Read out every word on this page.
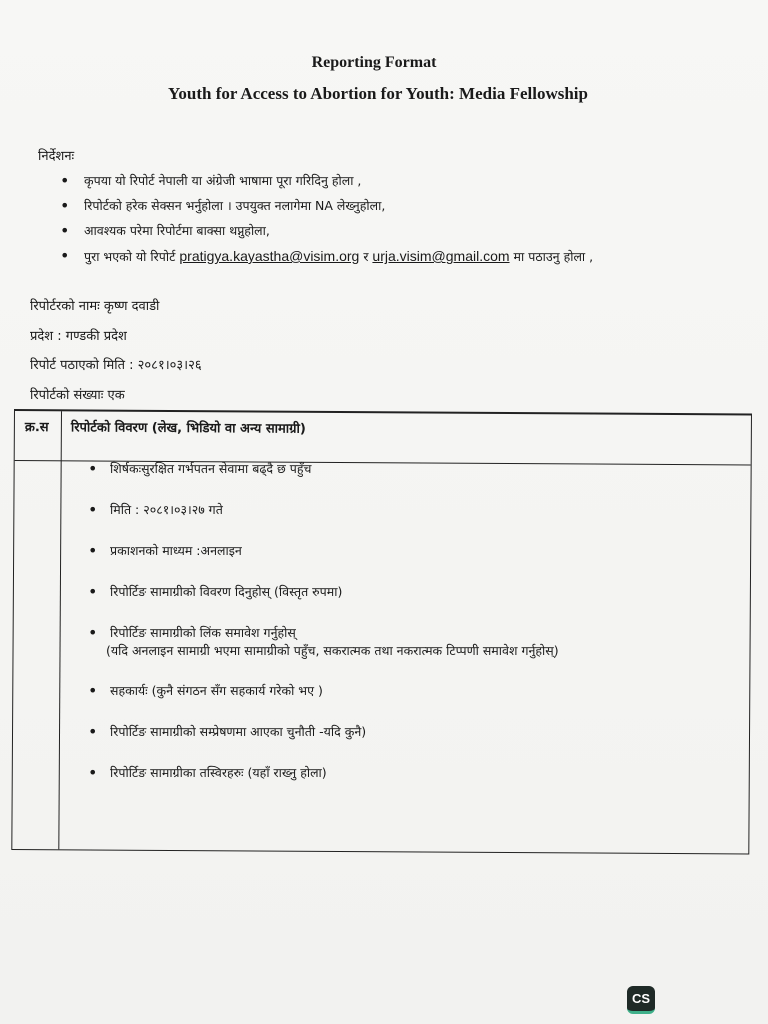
Reporting Format
Youth for Access to Abortion for Youth: Media Fellowship
निर्देशनः
• कृपया यो रिपोर्ट नेपाली या अंग्रेजी भाषामा पूरा गरिदिनु होला ,
• रिपोर्टको हरेक सेक्सन भर्नुहोला । उपयुक्त नलागेमा NA लेख्नुहोला,
• आवश्यक परेमा रिपोर्टमा बाक्सा थप्नुहोला,
• पुरा भएको यो रिपोर्ट pratigya.kayastha@visim.org र urja.visim@gmail.com मा पठाउनु होला ,
रिपोर्टरको नामः कृष्ण दवाडी
प्रदेश : गण्डकी प्रदेश
रिपोर्ट पठाएको मिति : २०८१।०३।२६
रिपोर्टको संख्याः एक
क्र.स रिपोर्टको विवरण (लेख, भिडियो वा अन्य सामाग्री)
• शिर्षकःसुरक्षित गर्भपतन सेवामा बढ्दै छ पहुँच
• मिति : २०८१।०३।२७ गते
• प्रकाशनको माध्यम :अनलाइन
• रिपोर्टिङ सामाग्रीको विवरण दिनुहोस् (विस्तृत रुपमा)
• रिपोर्टिङ सामाग्रीको लिंक समावेश गर्नुहोस्
(यदि अनलाइन सामाग्री भएमा सामाग्रीको पहुँच, सकरात्मक तथा नकरात्मक टिप्पणी समावेश गर्नुहोस्)
• सहकार्यः (कुनै संगठन सँग सहकार्य गरेको भए )
• रिपोर्टिङ सामाग्रीको सम्प्रेषणमा आएका चुनौती -यदि कुनै)
• रिपोर्टिङ सामाग्रीका तस्विरहरुः (यहाँ राख्नु होला)
CS
